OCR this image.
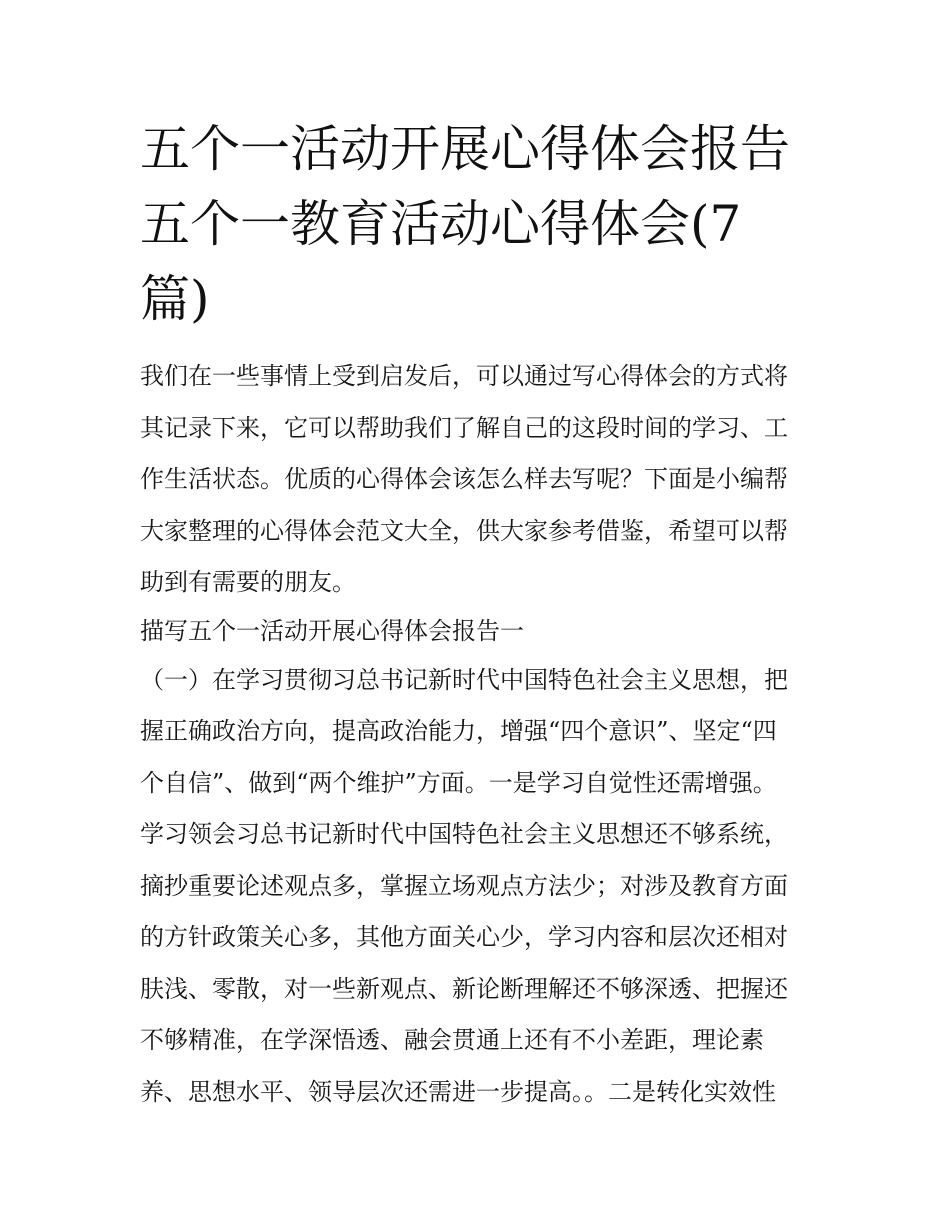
五个一活动开展心得体会报告
五个一教育活动心得体会(7
篇)

我们在一些事情上受到启发后，可以通过写心得体会的方式将
其记录下来，它可以帮助我们了解自己的这段时间的学习、工
作生活状态。优质的心得体会该怎么样去写呢？下面是小编帮
大家整理的心得体会范文大全，供大家参考借鉴，希望可以帮
助到有需要的朋友。

描写五个一活动开展心得体会报告一

（一）在学习贯彻习总书记新时代中国特色社会主义思想，把
握正确政治方向，提高政治能力，增强“四个意识”、坚定“四
个自信”、做到“两个维护”方面。一是学习自觉性还需增强。
学习领会习总书记新时代中国特色社会主义思想还不够系统，
摘抄重要论述观点多，掌握立场观点方法少；对涉及教育方面
的方针政策关心多，其他方面关心少，学习内容和层次还相对
肤浅、零散，对一些新观点、新论断理解还不够深透、把握还
不够精准，在学深悟透、融会贯通上还有不小差距，理论素
养、思想水平、领导层次还需进一步提高。。二是转化实效性
